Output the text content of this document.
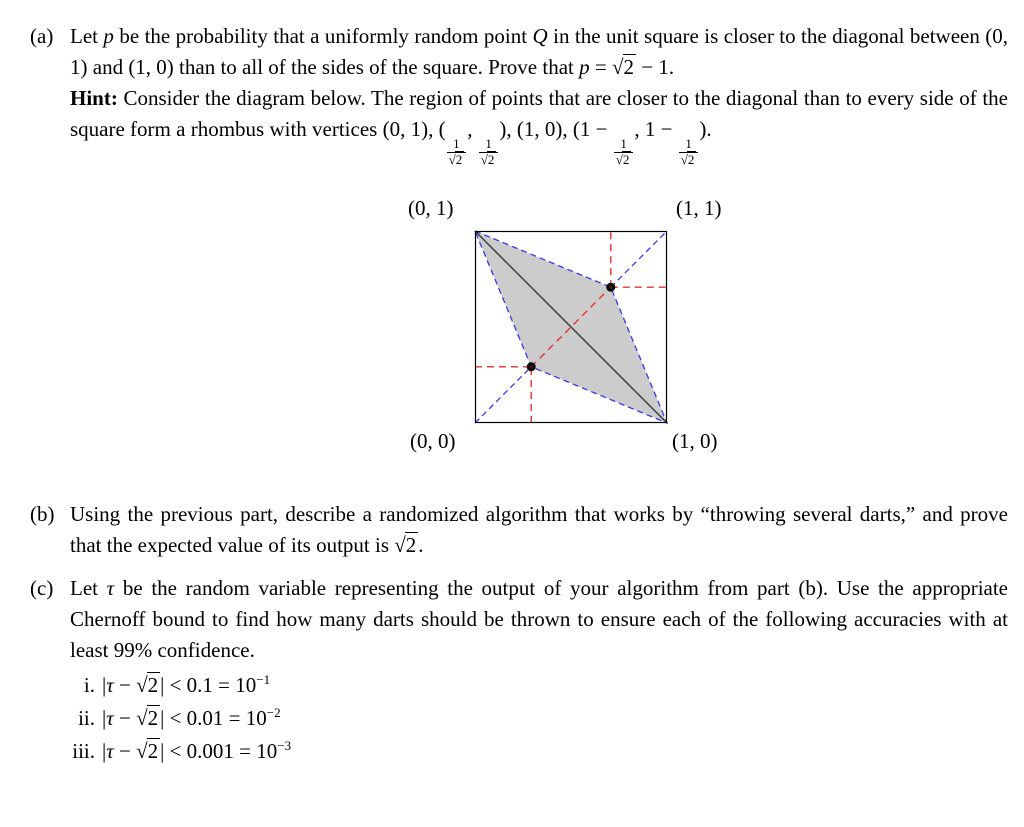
(a) Let p be the probability that a uniformly random point Q in the unit square is closer to the diagonal between (0, 1) and (1, 0) than to all of the sides of the square. Prove that p = √2 − 1.

Hint: Consider the diagram below. The region of points that are closer to the diagonal than to every side of the square form a rhombus with vertices (0, 1), (
$\frac{1}{√2}$
,
$\frac{1}{√2}$
), (1, 0), (1 −
$\frac{1}{√2}$
, 1 −
$\frac{1}{√2}$
).

(0, 1)	(1, 1)
(0, 0)	(1, 0)
(b) Using the previous part, describe a randomized algorithm that works by “throwing several darts,” and prove that the expected value of its output is √2.

(c) Let τ be the random variable representing the output of your algorithm from part (b). Use the appropriate Chernoff bound to find how many darts should be thrown to ensure each of the following accuracies with at least 99% confidence.

i. $|\tau - √2| < 0.1 = 10^{-1}$
ii. $|\tau - √2| < 0.01 = 10^{-2}$
iii. $|\tau - √2| < 0.001 = 10^{-3}$
